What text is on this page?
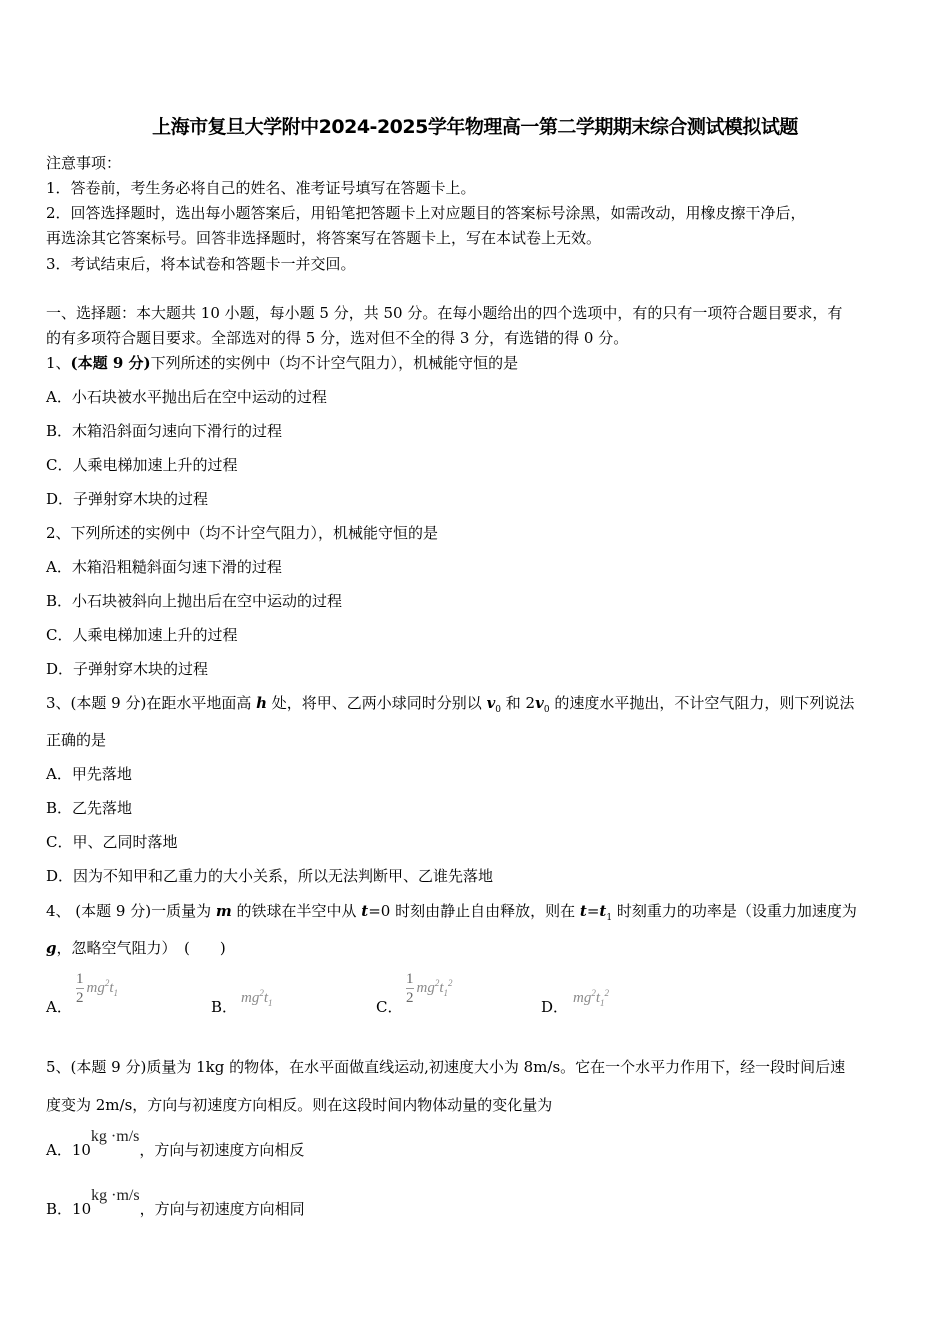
上海市复旦大学附中2024-2025学年物理高一第二学期期末综合测试模拟试题
注意事项：
1．答卷前，考生务必将自己的姓名、准考证号填写在答题卡上。
2．回答选择题时，选出每小题答案后，用铅笔把答题卡上对应题目的答案标号涂黑，如需改动，用橡皮擦干净后，
再选涂其它答案标号。回答非选择题时，将答案写在答题卡上，写在本试卷上无效。
3．考试结束后，将本试卷和答题卡一并交回。
一、选择题：本大题共 10 小题，每小题 5 分，共 50 分。在每小题给出的四个选项中，有的只有一项符合题目要求，有
的有多项符合题目要求。全部选对的得 5 分，选对但不全的得 3 分，有选错的得 0 分。
1、(本题 9 分)下列所述的实例中（均不计空气阻力），机械能守恒的是
A．小石块被水平抛出后在空中运动的过程
B．木箱沿斜面匀速向下滑行的过程
C．人乘电梯加速上升的过程
D．子弹射穿木块的过程
2、下列所述的实例中（均不计空气阻力），机械能守恒的是
A．木箱沿粗糙斜面匀速下滑的过程
B．小石块被斜向上抛出后在空中运动的过程
C．人乘电梯加速上升的过程
D．子弹射穿木块的过程
3、(本题 9 分)在距水平地面高 h 处，将甲、乙两小球同时分别以 $v_0$ 和 $2v_0$ 的速度水平抛出，不计空气阻力，则下列说法
正确的是
A．甲先落地
B．乙先落地
C．甲、乙同时落地
D．因为不知甲和乙重力的大小关系，所以无法判断甲、乙谁先落地
4、 (本题 9 分)一质量为 m 的铁球在半空中从 t=0 时刻由静止自由释放，则在 $t=t_1$ 时刻重力的功率是（设重力加速度为
g，忽略空气阻力）　(　　)
A． $\frac{1}{2} mg^2t_1$
B． $mg^2t_1$	C． $\frac{1}{2} mg^2t_1^2$
D． $mg^2t_1^2$
5、(本题 9 分)质量为 1kg 的物体，在水平面做直线运动,初速度大小为 8m/s。它在一个水平力作用下，经一段时间后速
度变为 2m/s，方向与初速度方向相反。则在这段时间内物体动量的变化量为
A．10kg ·m/s，方向与初速度方向相反
B．10kg ·m/s，方向与初速度方向相同
